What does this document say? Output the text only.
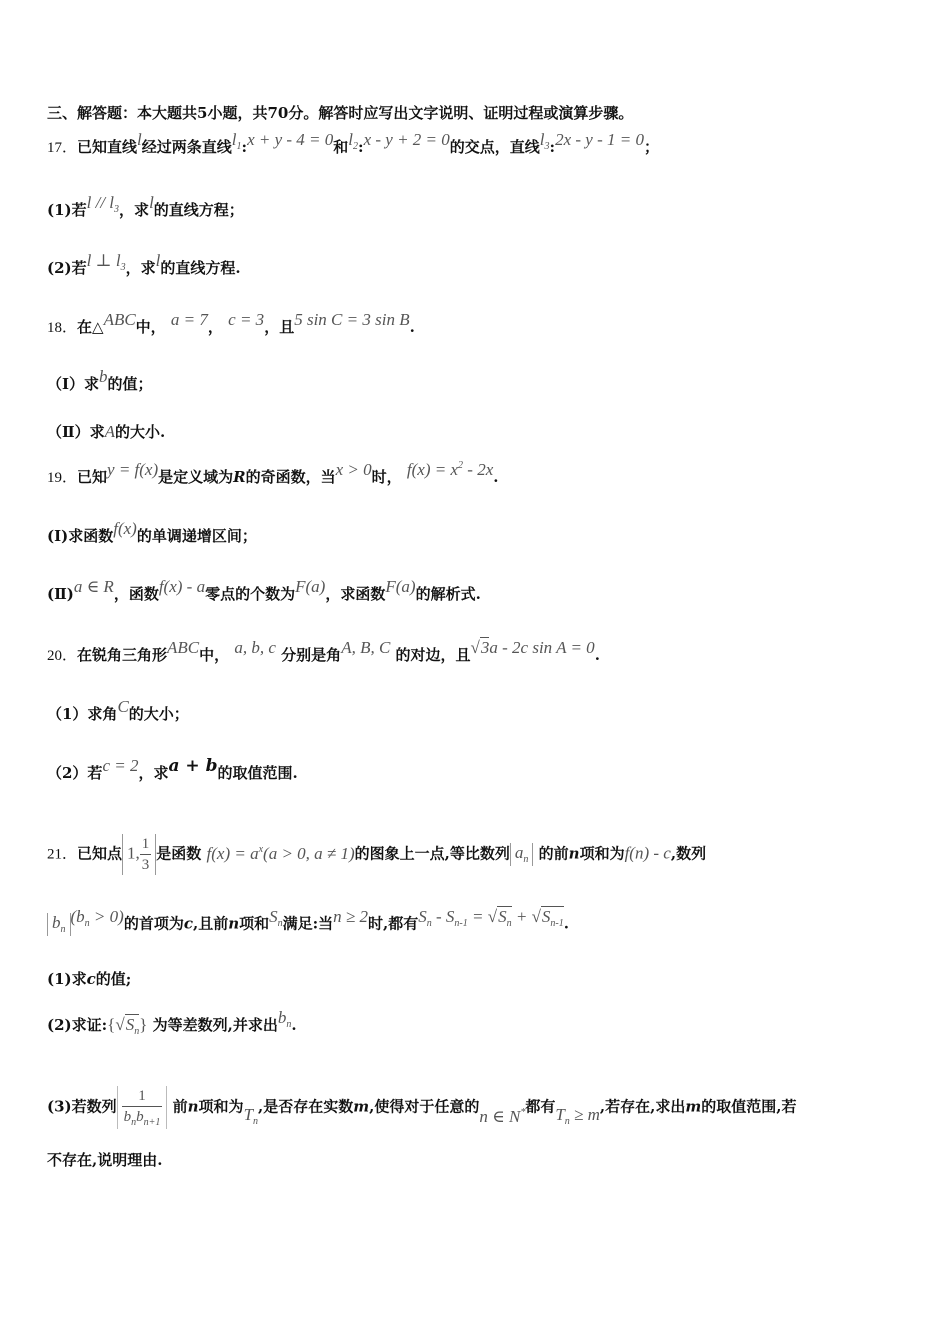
三、解答题：本大题共5小题，共70分。解答时应写出文字说明、证明过程或演算步骤。
17．已知直线l经过两条直线$l_1:x + y - 4 = 0$和$l_2:x - y + 2 = 0$的交点，直线$l_3:2x - y - 1 = 0$；
(1)若l // $l_3$，求l的直线方程；
(2)若l ⊥ $l_3$，求l的直线方程.
18．在△ABC中， a = 7， c = 3，且5 sin C = 3 sin B.
（Ⅰ）求b的值；
（Ⅱ）求A的大小.
19．已知y = f(x)是定义域为R的奇函数，当x > 0时， $f(x) = x^2 - 2x$.
(Ⅰ)求函数f(x)的单调递增区间；
(Ⅱ)a ∈ R，函数f(x) - a零点的个数为F(a)，求函数F(a)的解析式.
20．在锐角三角形ABC中， a, b, c 分别是角A, B, C 的对边，且√3a - 2c sin A = 0.
（1）求角C的大小；
（2）若c = 2，求a + b的取值范围.
21．已知点 1, $\frac{1}{3}$ 是函数 $f(x) = a^x(a > 0$, a ≠ 1)的图象上一点,等比数列 $a_n$ 的前n项和为f(n) - c,数列
$b_n(b_n > 0)$的首项为c,且前n项和$S_n$满足:当n ≥ 2时,都有$S_n - S_{n-1} = √S_n + √S_{n-1}$.
(1)求c的值;
(2)求证$:\{√S_n\}$ 为等差数列,并求出$b_n$.
(3)若数列 $\frac{1}{b_nb_{n+1}}$ 前n项和为$T_n$,是否存在实数m,使得对于任意的n ∈ N*都有$T_n \ge m$,若存在,求出m的取值范围,若
不存在,说明理由.
